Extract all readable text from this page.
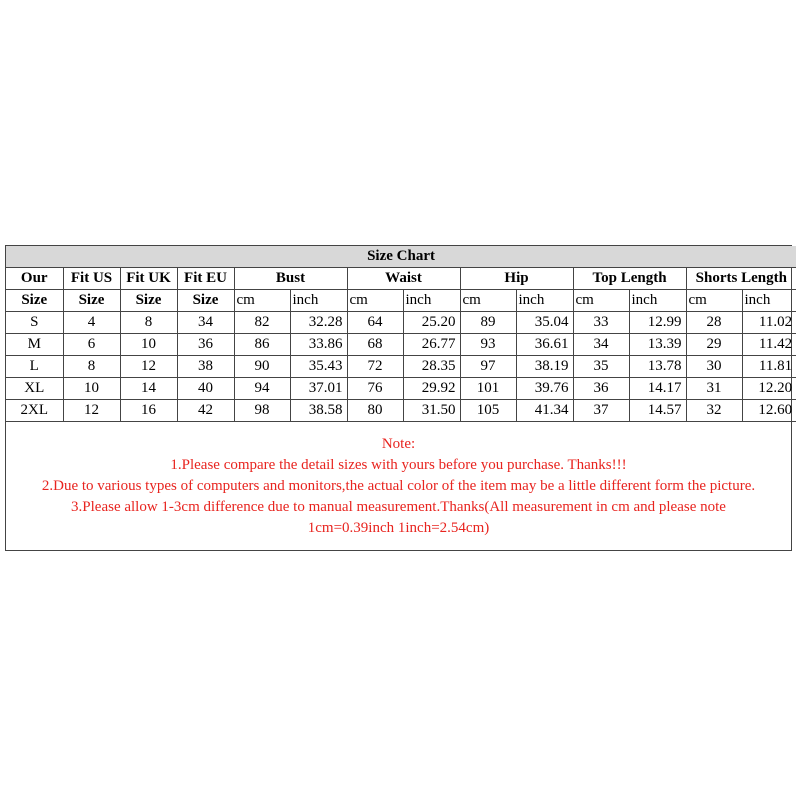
Size Chart													
Our	Fit US	Fit UK	Fit EU	Bust		Waist		Hip		Top Length		Shorts Length	
Size	Size	Size	Size	cm	inch	cm	inch	cm	inch	cm	inch	cm	inch
S	4	8	34	82	32.28	64	25.20	89	35.04	33	12.99	28	11.02
M	6	10	36	86	33.86	68	26.77	93	36.61	34	13.39	29	11.42
L	8	12	38	90	35.43	72	28.35	97	38.19	35	13.78	30	11.81
XL	10	14	40	94	37.01	76	29.92	101	39.76	36	14.17	31	12.20
2XL	12	16	42	98	38.58	80	31.50	105	41.34	37	14.57	32	12.60
Note:
1.Please compare the detail sizes with yours before you purchase. Thanks!!!
2.Due to various types of computers and monitors,the actual color of the item may be a little different form the picture.
3.Please allow 1-3cm difference due to manual measurement.Thanks(All measurement in cm and please note
1cm=0.39inch 1inch=2.54cm)
